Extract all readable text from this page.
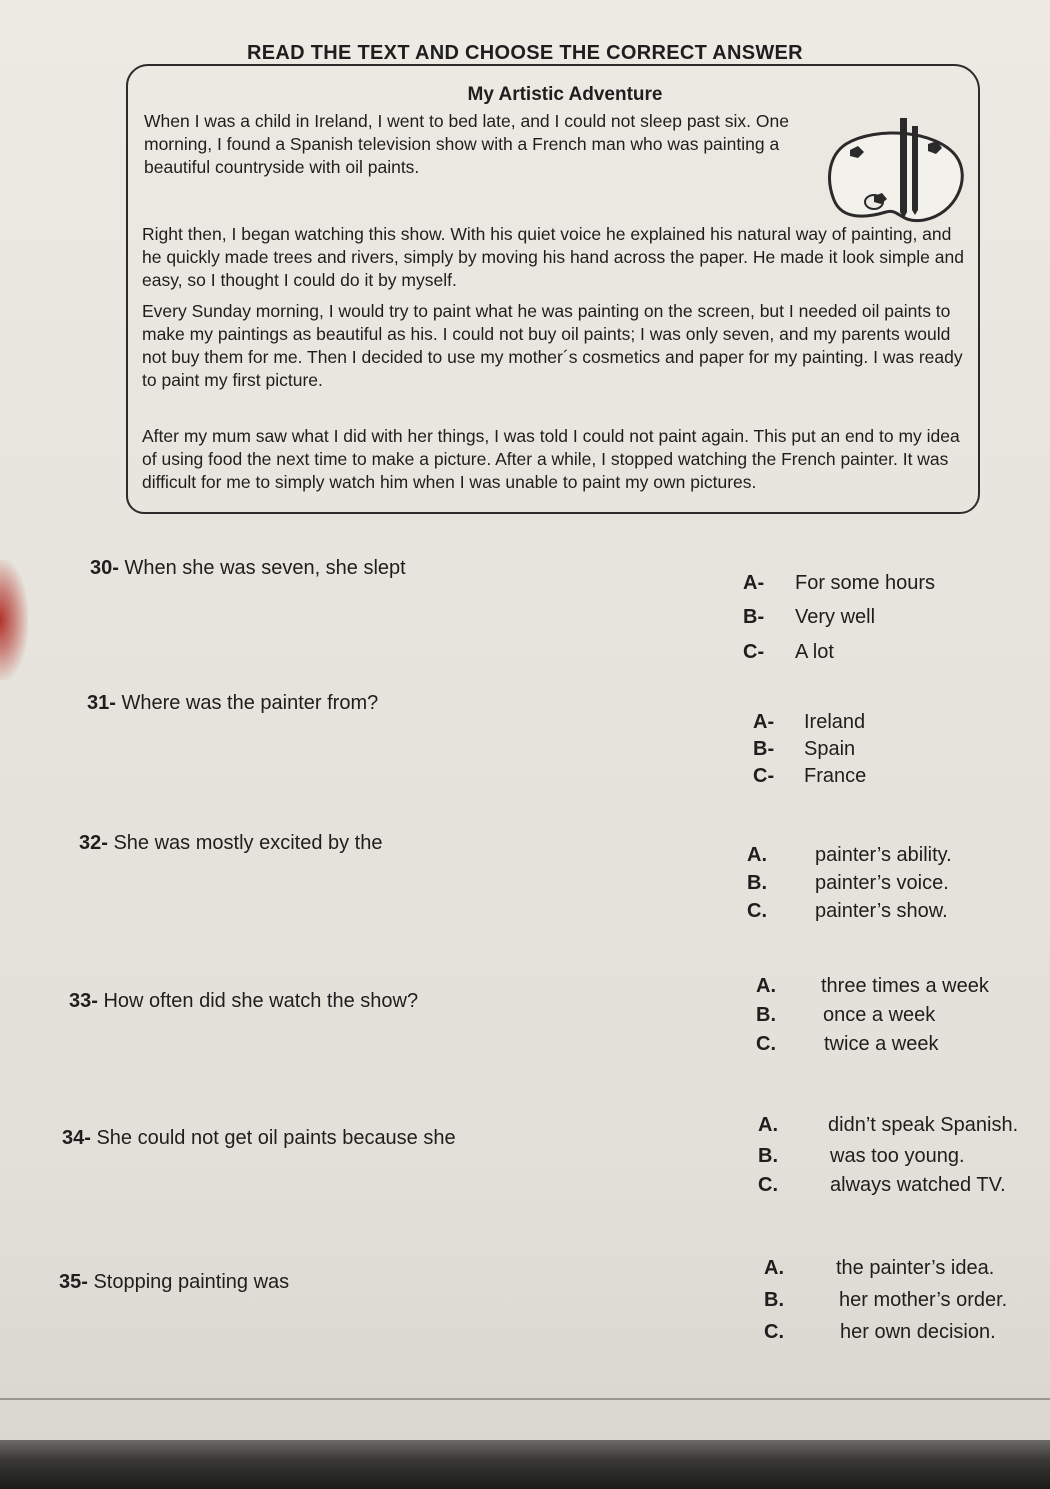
READ THE TEXT AND CHOOSE THE CORRECT ANSWER
My Artistic Adventure

When I was a child in Ireland, I went to bed late, and I could not sleep past six. One morning, I found a Spanish television show with a French man who was painting a beautiful countryside with oil paints.

Right then, I began watching this show. With his quiet voice he explained his natural way of painting, and he quickly made trees and rivers, simply by moving his hand across the paper. He made it look simple and easy, so I thought I could do it by myself.

Every Sunday morning, I would try to paint what he was painting on the screen, but I needed oil paints to make my paintings as beautiful as his. I could not buy oil paints; I was only seven, and my parents would not buy them for me. Then I decided to use my mother´s cosmetics and paper for my painting. I was ready to paint my first picture.

After my mum saw what I did with her things, I was told I could not paint again. This put an end to my idea of using food the next time to make a picture. After a while, I stopped watching the French painter. It was difficult for me to simply watch him when I was unable to paint my own pictures.

30- When she was seven, she slept
A- For some hours
B- Very well
C- A lot
31- Where was the painter from?
A- Ireland
B- Spain
C- France
32- She was mostly excited by the
A. painter’s ability.
B. painter’s voice.
C. painter’s show.
33- How often did she watch the show?
A. three times a week
B. once a week
C. twice a week
34- She could not get oil paints because she
A.	didn’t speak Spanish.
B.	was too young.
C.	always watched TV.
35- Stopping painting was
A.	the painter’s idea.
B.	her mother’s order.
C.	her own decision.
